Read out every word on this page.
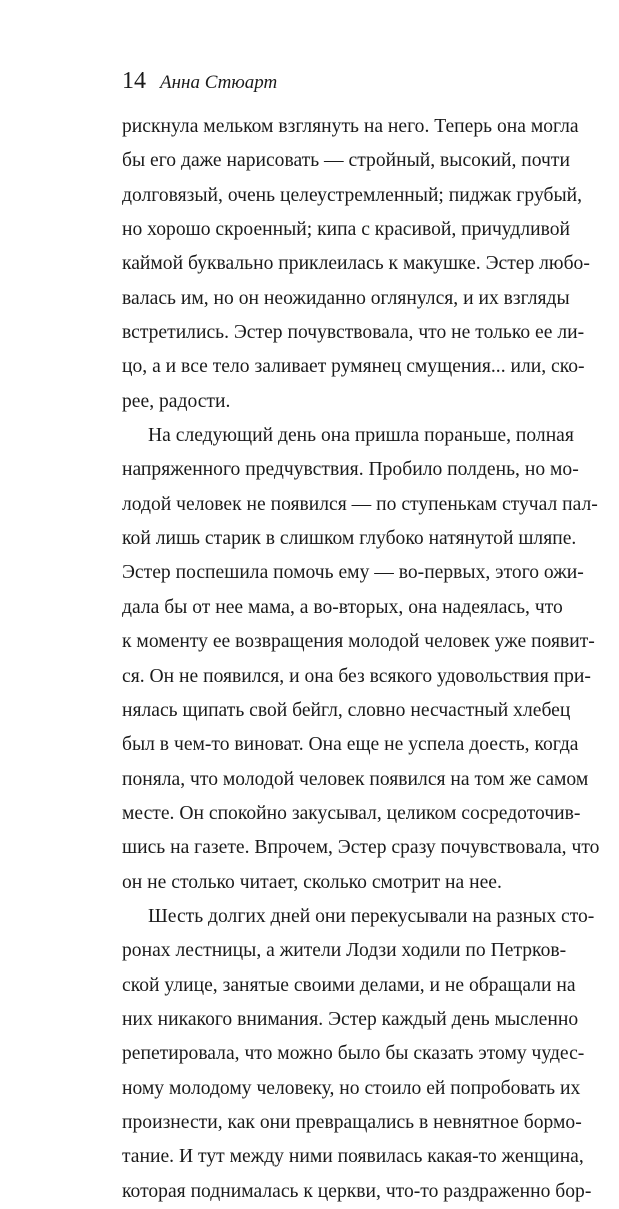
14 Анна Стюарт
рискнула мельком взглянуть на него. Теперь она могла
бы его даже нарисовать — стройный, высокий, почти
долговязый, очень целеустремленный; пиджак грубый,
но хорошо скроенный; кипа с красивой, причудливой
каймой буквально приклеилась к макушке. Эстер любо-
валась им, но он неожиданно оглянулся, и их взгляды
встретились. Эстер почувствовала, что не только ее ли-
цо, а и все тело заливает румянец смущения... или, ско-
рее, радости.
На следующий день она пришла пораньше, полная
напряженного предчувствия. Пробило полдень, но мо-
лодой человек не появился — по ступенькам стучал пал-
кой лишь старик в слишком глубоко натянутой шляпе.
Эстер поспешила помочь ему — во-первых, этого ожи-
дала бы от нее мама, а во-вторых, она надеялась, что
к моменту ее возвращения молодой человек уже появит-
ся. Он не появился, и она без всякого удовольствия при-
нялась щипать свой бейгл, словно несчастный хлебец
был в чем-то виноват. Она еще не успела доесть, когда
поняла, что молодой человек появился на том же самом
месте. Он спокойно закусывал, целиком сосредоточив-
шись на газете. Впрочем, Эстер сразу почувствовала, что
он не столько читает, сколько смотрит на нее.
Шесть долгих дней они перекусывали на разных сто-
ронах лестницы, а жители Лодзи ходили по Петрков-
ской улице, занятые своими делами, и не обращали на
них никакого внимания. Эстер каждый день мысленно
репетировала, что можно было бы сказать этому чудес-
ному молодому человеку, но стоило ей попробовать их
произнести, как они превращались в невнятное бормо-
тание. И тут между ними появилась какая-то женщина,
которая поднималась к церкви, что-то раздраженно бор-
